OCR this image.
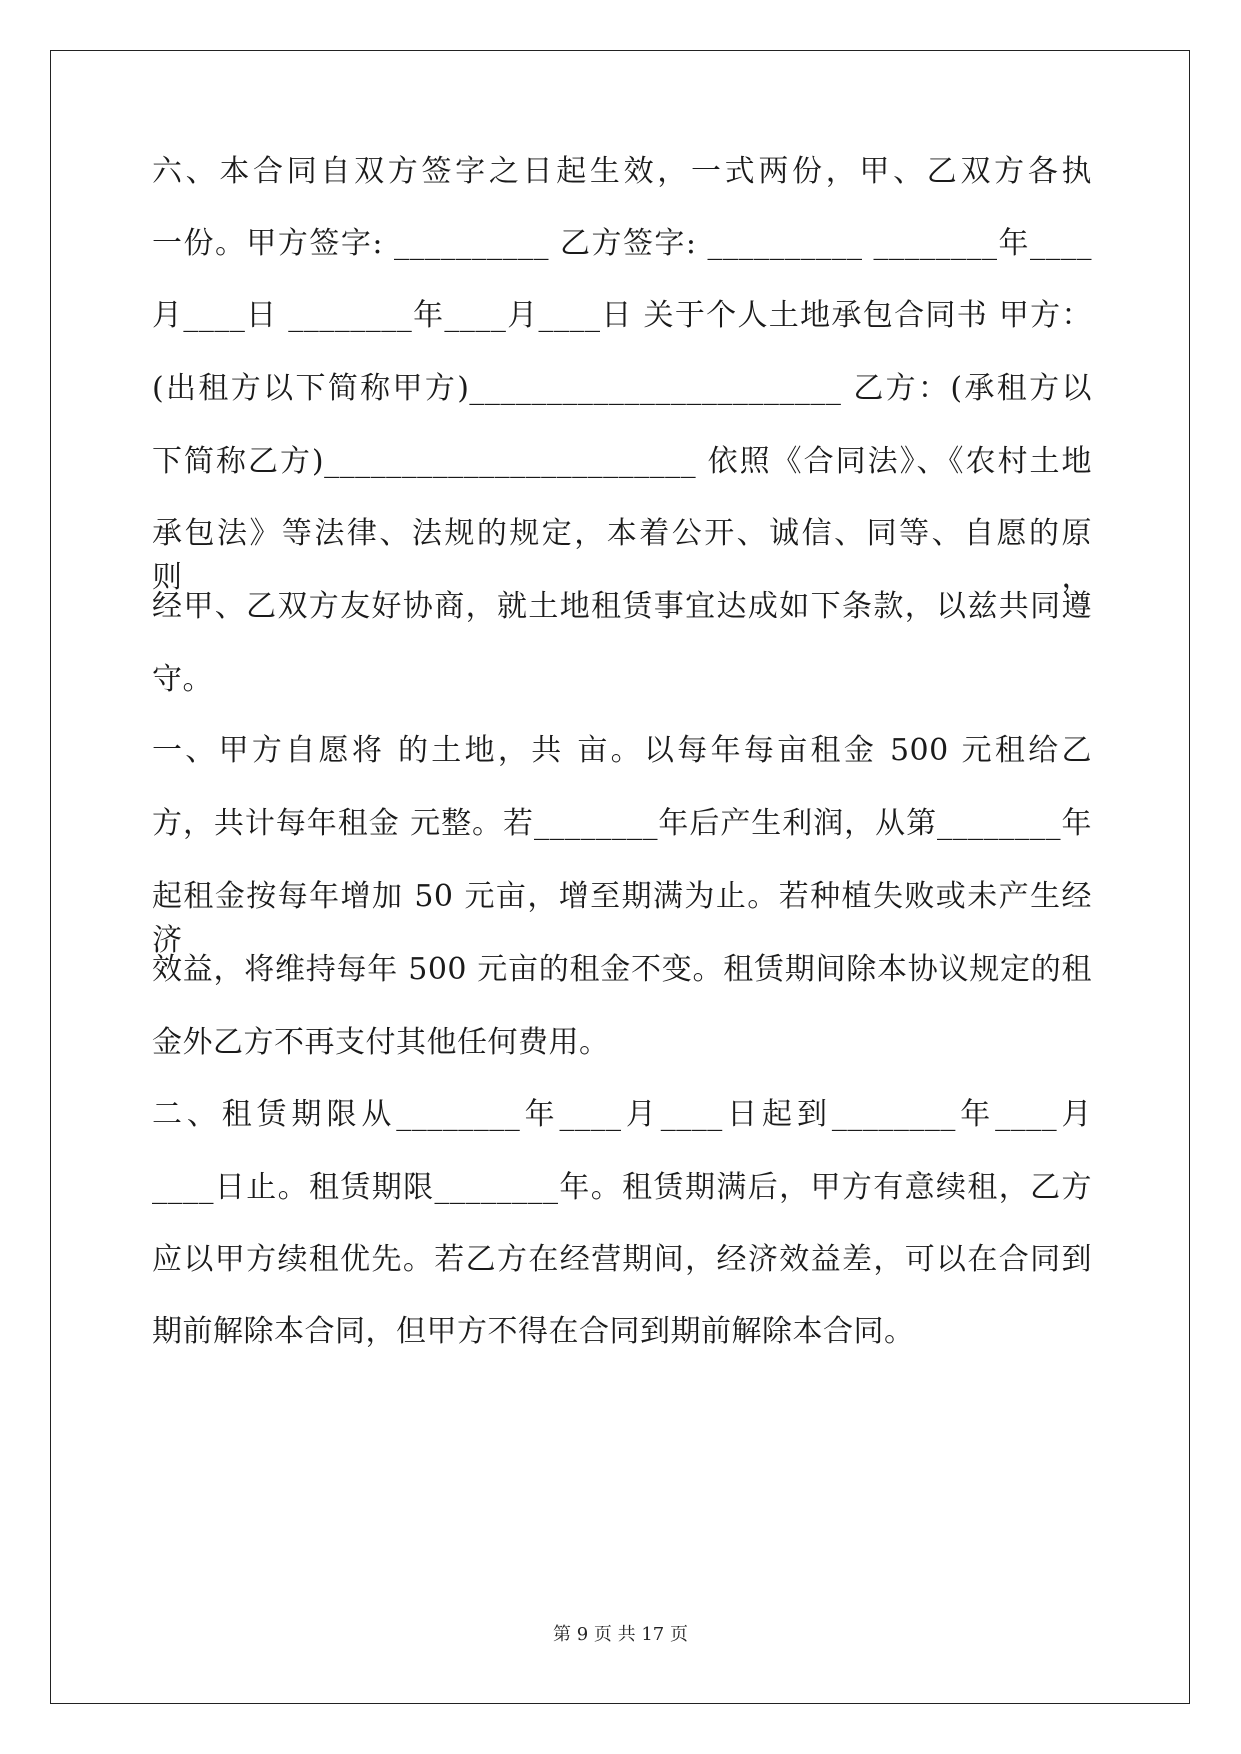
六、本合同自双方签字之日起生效，一式两份，甲、乙双方各执
一份。甲方签字: __________ 乙方签字: __________ ________年____
月____日 ________年____月____日 关于个人土地承包合同书 甲方：
(出租方以下简称甲方)________________________ 乙方：(承租方以
下简称乙方)________________________ 依照《合同法》、《农村土地
承包法》等法律、法规的规定，本着公开、诚信、同等、自愿的原则，
经甲、乙双方友好协商，就土地租赁事宜达成如下条款，以兹共同遵
守。
一、甲方自愿将 的土地，共 亩。以每年每亩租金 500 元租给乙
方，共计每年租金 元整。若________年后产生利润，从第________年
起租金按每年增加 50 元亩，增至期满为止。若种植失败或未产生经济
效益，将维持每年 500 元亩的租金不变。租赁期间除本协议规定的租
金外乙方不再支付其他任何费用。
二、租赁期限从________年____月____日起到________年____月
____日止。租赁期限________年。租赁期满后，甲方有意续租，乙方
应以甲方续租优先。若乙方在经营期间，经济效益差，可以在合同到
期前解除本合同，但甲方不得在合同到期前解除本合同。
第 9 页 共 17 页
